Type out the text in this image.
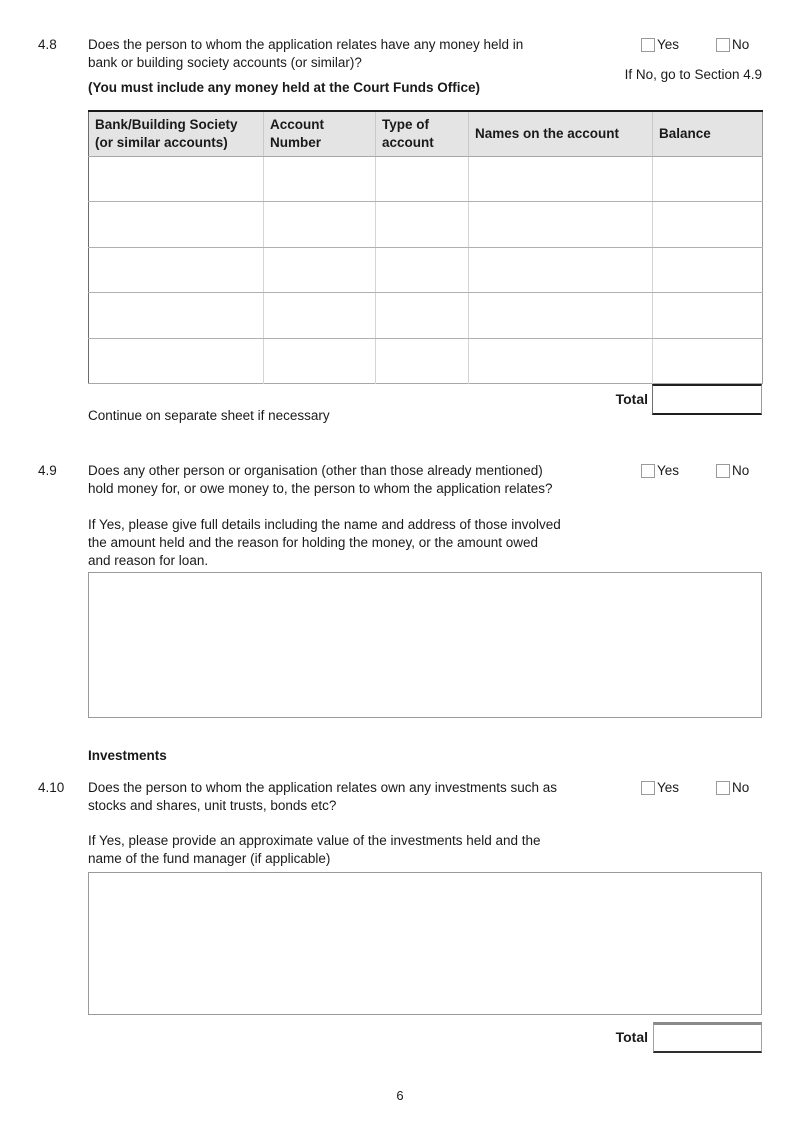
4.8	Does the person to whom the application relates have any money held in
bank or building society accounts (or similar)?
(You must include any money held at the Court Funds Office)
Yes	No
If No, go to Section 4.9
Bank/Building Society (or similar accounts)	Account Number	Type of account	Names on the account	Balance

Total
Continue on separate sheet if necessary
4.9	Does any other person or organisation (other than those already mentioned)
hold money for, or owe money to, the person to whom the application relates?
Yes	No
If Yes, please give full details including the name and address of those involved
the amount held and the reason for holding the money, or the amount owed
and reason for loan.
Investments
4.10	Does the person to whom the application relates own any investments such as
stocks and shares, unit trusts, bonds etc?
Yes	No
If Yes, please provide an approximate value of the investments held and the
name of the fund manager (if applicable)
Total
6
